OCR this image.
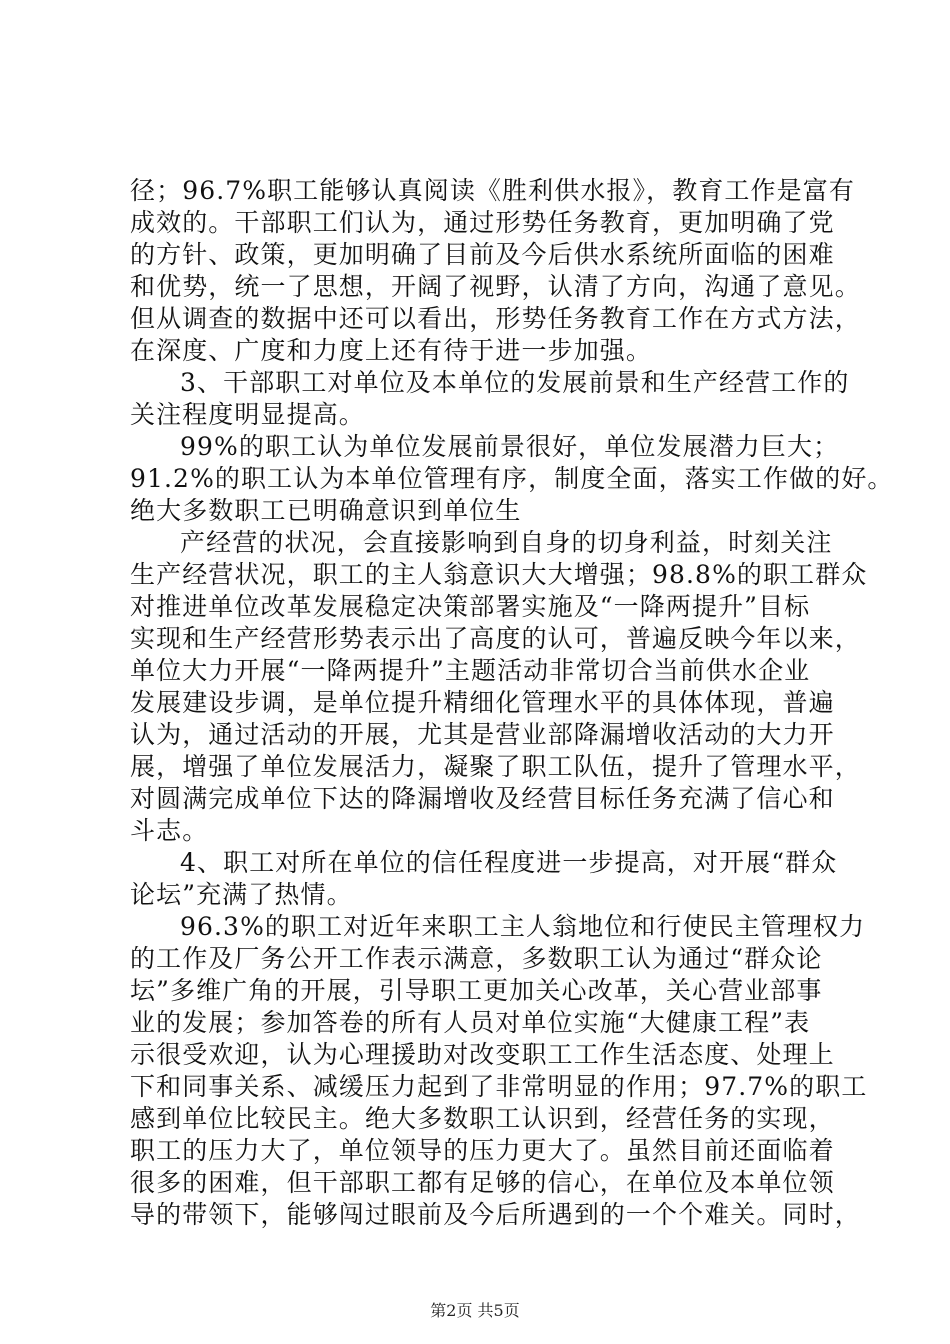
径；96.7%职工能够认真阅读《胜利供水报》，教育工作是富有
成效的。干部职工们认为，通过形势任务教育，更加明确了党
的方针、政策，更加明确了目前及今后供水系统所面临的困难
和优势，统一了思想，开阔了视野，认清了方向，沟通了意见。
但从调查的数据中还可以看出，形势任务教育工作在方式方法，
在深度、广度和力度上还有待于进一步加强。
3、干部职工对单位及本单位的发展前景和生产经营工作的
关注程度明显提高。
99%的职工认为单位发展前景很好，单位发展潜力巨大；
91.2%的职工认为本单位管理有序，制度全面，落实工作做的好。
绝大多数职工已明确意识到单位生
产经营的状况，会直接影响到自身的切身利益，时刻关注
生产经营状况，职工的主人翁意识大大增强；98.8%的职工群众
对推进单位改革发展稳定决策部署实施及“一降两提升”目标
实现和生产经营形势表示出了高度的认可，普遍反映今年以来，
单位大力开展“一降两提升”主题活动非常切合当前供水企业
发展建设步调，是单位提升精细化管理水平的具体体现，普遍
认为，通过活动的开展，尤其是营业部降漏增收活动的大力开
展，增强了单位发展活力，凝聚了职工队伍，提升了管理水平，
对圆满完成单位下达的降漏增收及经营目标任务充满了信心和
斗志。
4、职工对所在单位的信任程度进一步提高，对开展“群众
论坛”充满了热情。
96.3%的职工对近年来职工主人翁地位和行使民主管理权力
的工作及厂务公开工作表示满意，多数职工认为通过“群众论
坛”多维广角的开展，引导职工更加关心改革，关心营业部事
业的发展；参加答卷的所有人员对单位实施“大健康工程”表
示很受欢迎，认为心理援助对改变职工工作生活态度、处理上
下和同事关系、减缓压力起到了非常明显的作用；97.7%的职工
感到单位比较民主。绝大多数职工认识到，经营任务的实现，
职工的压力大了，单位领导的压力更大了。虽然目前还面临着
很多的困难，但干部职工都有足够的信心，在单位及本单位领
导的带领下，能够闯过眼前及今后所遇到的一个个难关。同时，
第2页 共5页
